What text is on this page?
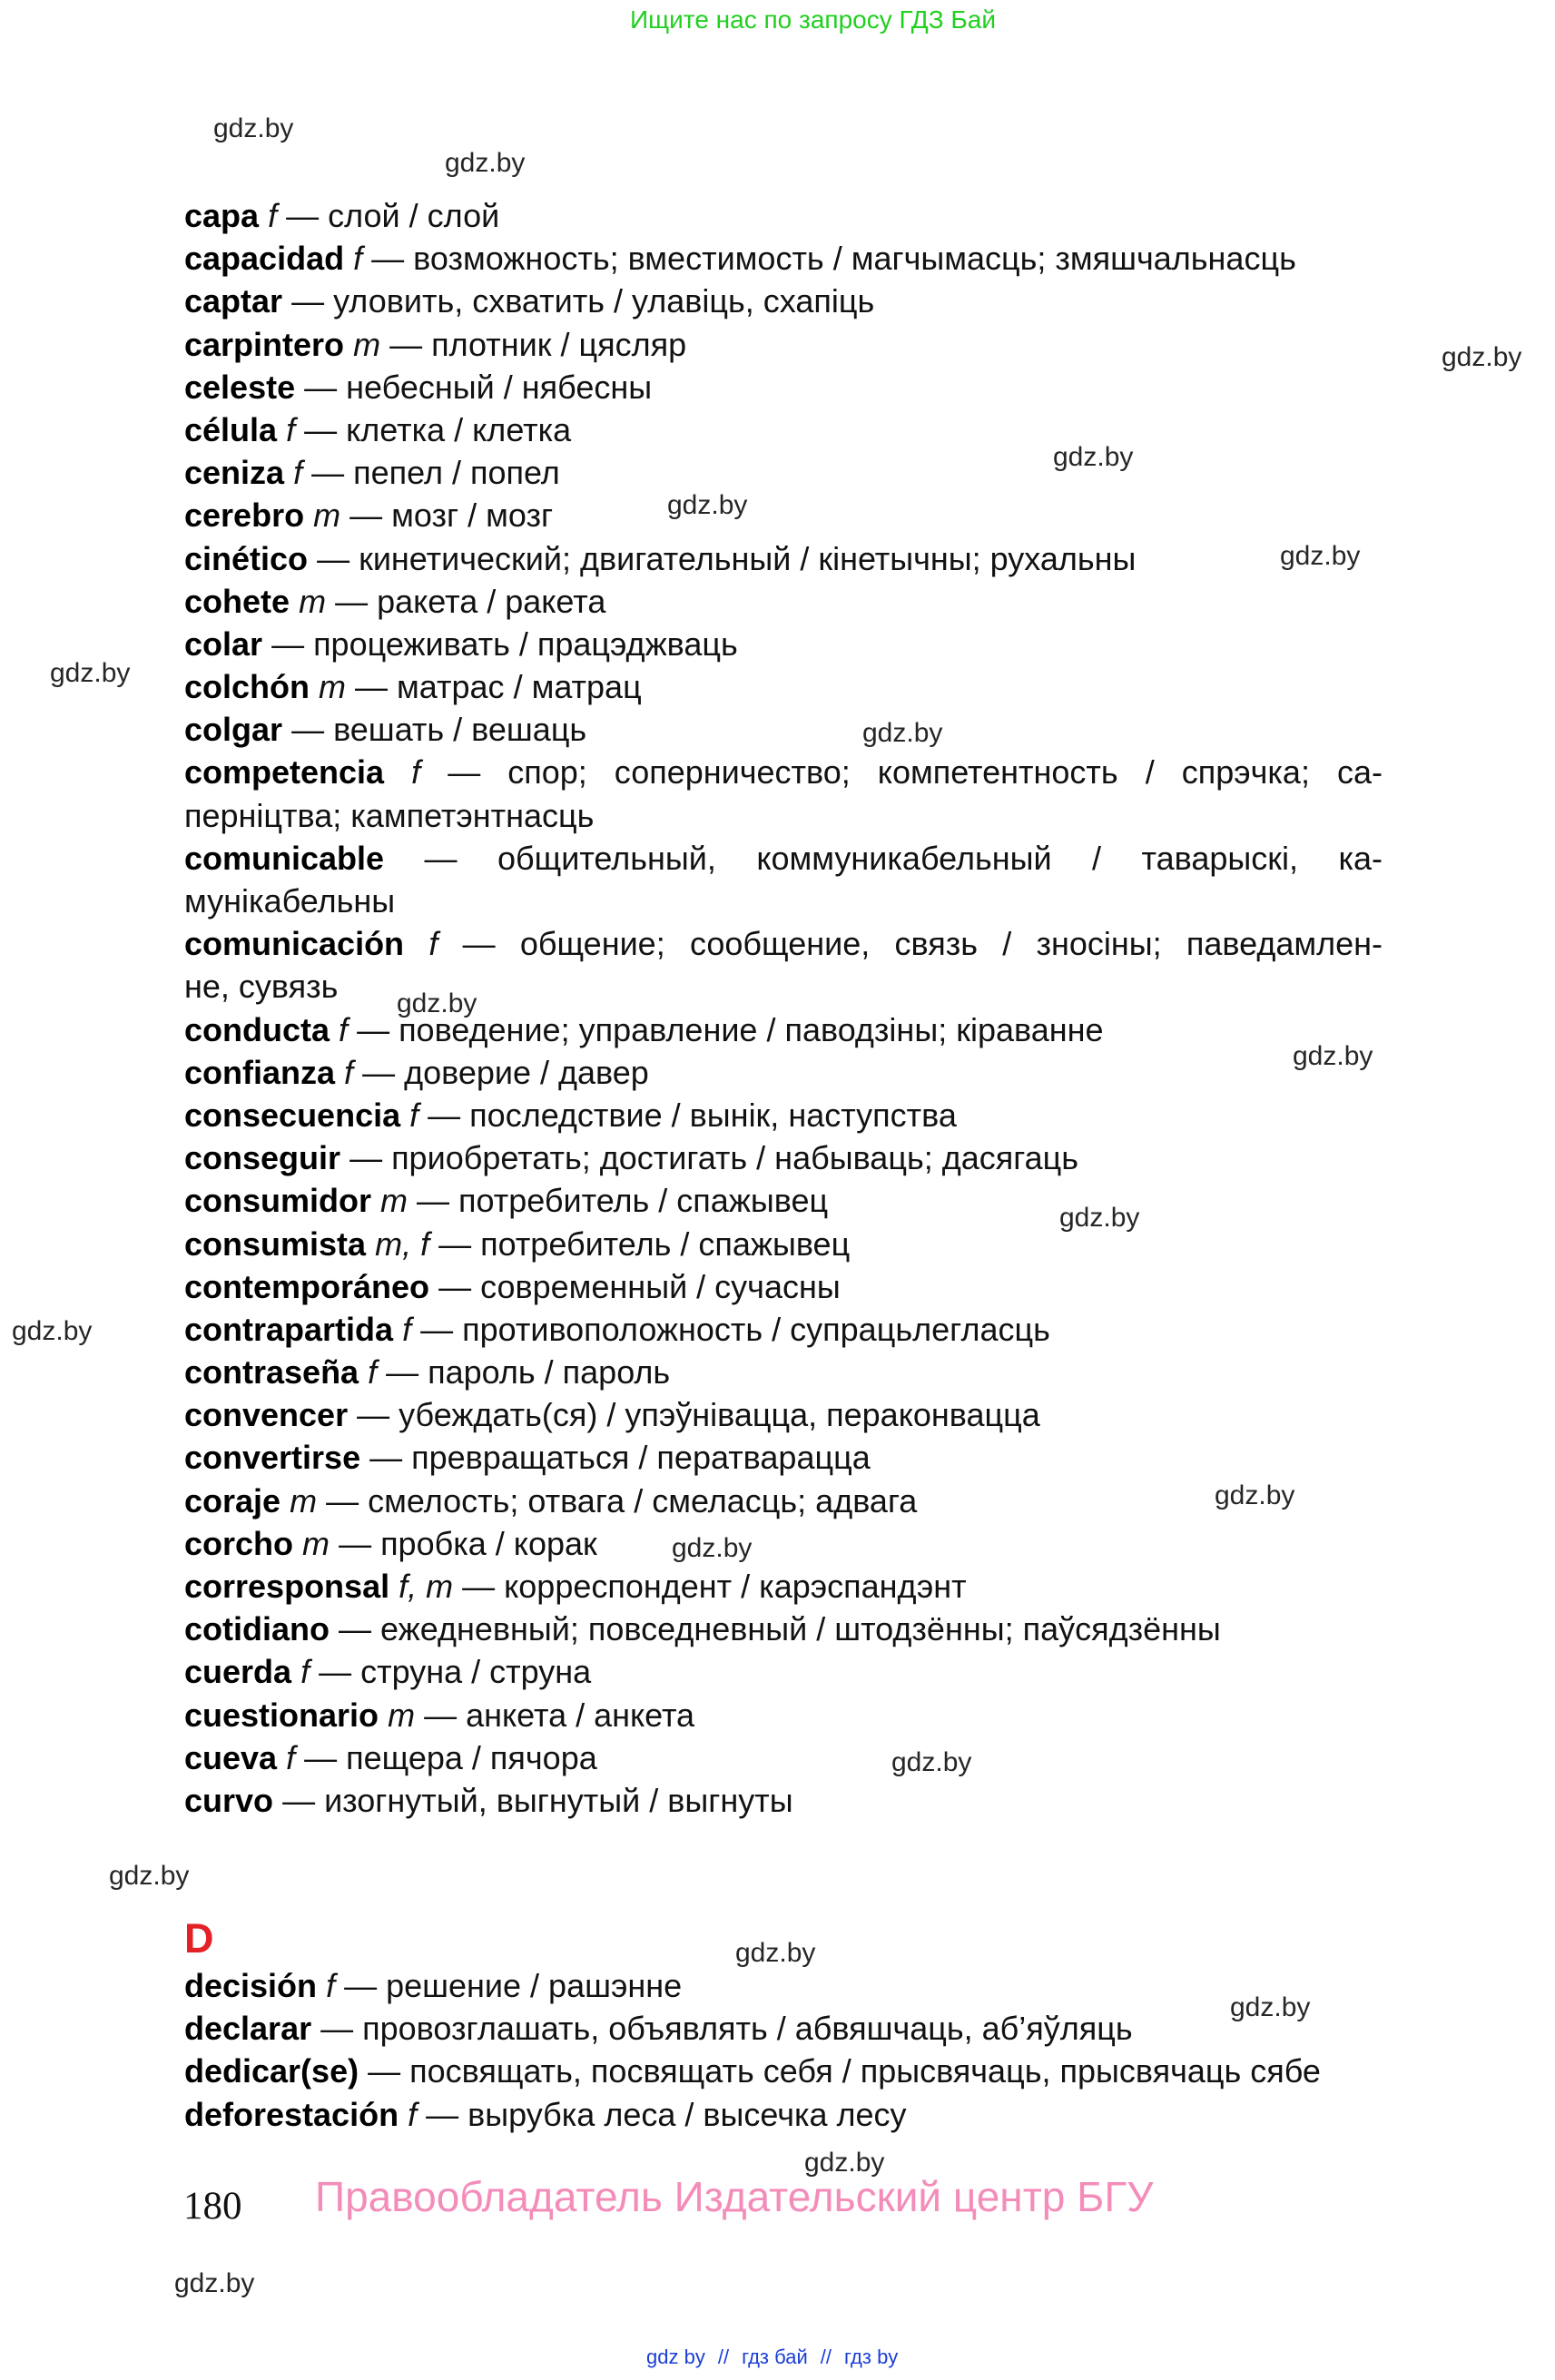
Ищите нас по запросу ГДЗ Бай
capa f — слой / слой
capacidad f — возможность; вместимость / магчымасць; змяшчальнасць
captar — уловить, схватить / улавіць, схапіць
carpintero m — плотник / цясляр
celeste — небесный / нябесны
célula f — клетка / клетка
ceniza f — пепел / попел
cerebro m — мозг / мозг
cinético — кинетический; двигательный / кінетычны; рухальны
cohete m — ракета / ракета
colar — процеживать / працэджваць
colchón m — матрас / матрац
colgar — вешать / вешаць
competencia f — спор; соперничество; компетентность / спрэчка; са-
перніцтва; кампетэнтнасць
comunicable — общительный, коммуникабельный / таварыскі, ка-
мунікабельны
comunicación f — общение; сообщение, связь / зносіны; паведамлен-
не, сувязь
conducta f — поведение; управление / паводзіны; кіраванне
confianza f — доверие / давер
consecuencia f — последствие / вынік, наступства
conseguir — приобретать; достигать / набываць; дасягаць
consumidor m — потребитель / спажывец
consumista m, f — потребитель / спажывец
contemporáneo — современный / сучасны
contrapartida f — противоположность / супрацьлегласць
contraseña f — пароль / пароль
convencer — убеждать(ся) / упэўнівацца, пераконвацца
convertirse — превращаться / ператварацца
coraje m — смелость; отвага / смеласць; адвага
corcho m — пробка / корак
corresponsal f, m — корреспондент / карэспандэнт
cotidiano — ежедневный; повседневный / штодзённы; паўсядзённы
cuerda f — струна / струна
cuestionario m — анкета / анкета
cueva f — пещера / пячора
curvo — изогнутый, выгнутый / выгнуты
D
decisión f — решение / рашэнне
declarar — провозглашать, объявлять / абвяшчаць, аб’яўляць
dedicar(se) — посвящать, посвящать себя / прысвячаць, прысвячаць сябе
deforestación f — вырубка леса / высечка лесу
180 Правообладатель Издательский центр БГУ
gdz by // гдз бай // гдз by
gdz.by
gdz.by
gdz.by
gdz.by
gdz.by
gdz.by
gdz.by
gdz.by
gdz.by
gdz.by
gdz.by
gdz.by
gdz.by
gdz.by
gdz.by
gdz.by
gdz.by
gdz.by
gdz.by
gdz.by
